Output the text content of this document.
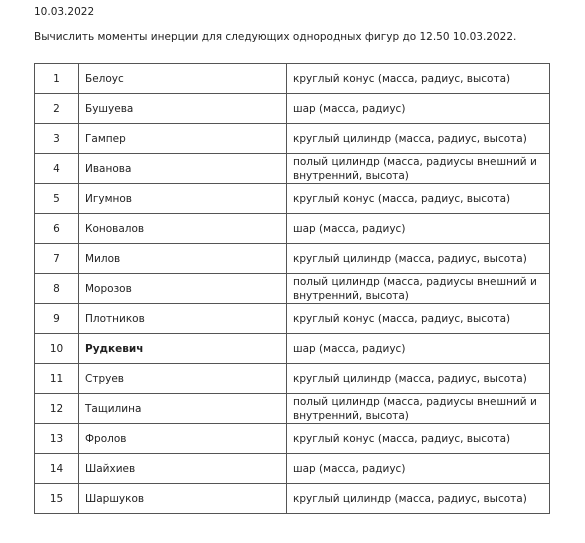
10.03.2022
Вычислить моменты инерции для следующих однородных фигур до 12.50 10.03.2022.
1	Белоус	круглый конус (масса, радиус, высота)
2	Бушуева	шар (масса, радиус)
3	Гампер	круглый цилиндр (масса, радиус, высота)
4	Иванова	полый цилиндр (масса, радиусы внешний и внутренний, высота)
5	Игумнов	круглый конус (масса, радиус, высота)
6	Коновалов	шар (масса, радиус)
7	Милов	круглый цилиндр (масса, радиус, высота)
8	Морозов	полый цилиндр (масса, радиусы внешний и внутренний, высота)
9	Плотников	круглый конус (масса, радиус, высота)
10	Рудкевич	шар (масса, радиус)
11	Струев	круглый цилиндр (масса, радиус, высота)
12	Тащилина	полый цилиндр (масса, радиусы внешний и внутренний, высота)
13	Фролов	круглый конус (масса, радиус, высота)
14	Шайхиев	шар (масса, радиус)
15	Шаршуков	круглый цилиндр (масса, радиус, высота)
